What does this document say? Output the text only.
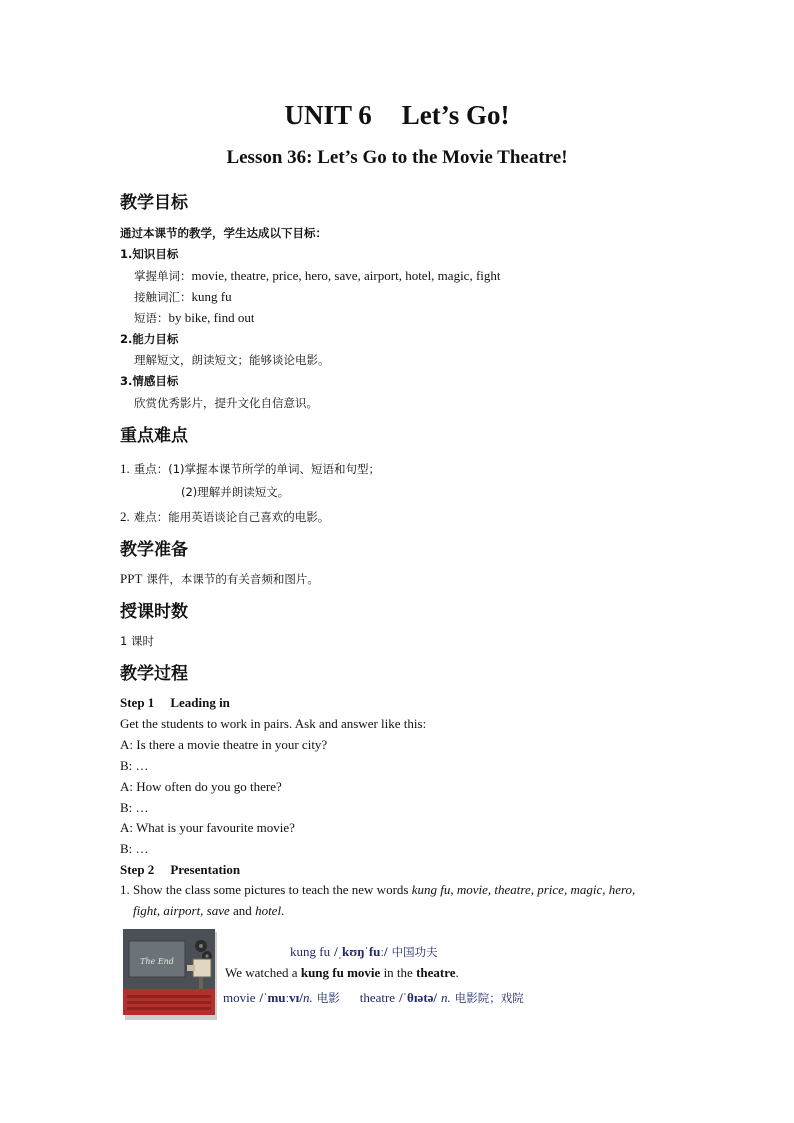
UNIT 6 Let’s Go!
Lesson 36: Let’s Go to the Movie Theatre!
教学目标
通过本课节的教学，学生达成以下目标：
1.知识目标
掌握单词：movie, theatre, price, hero, save, airport, hotel, magic, fight
接触词汇：kung fu
短语：by bike, find out
2.能力目标
理解短文，朗读短文；能够谈论电影。
3.情感目标
欣赏优秀影片，提升文化自信意识。
重点难点
1. 重点：(1)掌握本课节所学的单词、短语和句型；
(2)理解并朗读短文。
2. 难点：能用英语谈论自己喜欢的电影。
教学准备
PPT 课件，本课节的有关音频和图片。
授课时数
1 课时
教学过程
Step 1 Leading in
Get the students to work in pairs. Ask and answer like this:
A: Is there a movie theatre in your city?
B: …
A: How often do you go there?
B: …
A: What is your favourite movie?
B: …
Step 2 Presentation
1. Show the class some pictures to teach the new words kung fu, movie, theatre, price, magic, hero,
fight, airport, save and hotel.
The End
kung fu /ˌkʊŋˈfuː/ 中国功夫
We watched a kung fu movie in the theatre.
movie /ˈmuːvɪ/n. 电影 theatre /ˈθɪətə/ n. 电影院；戏院
